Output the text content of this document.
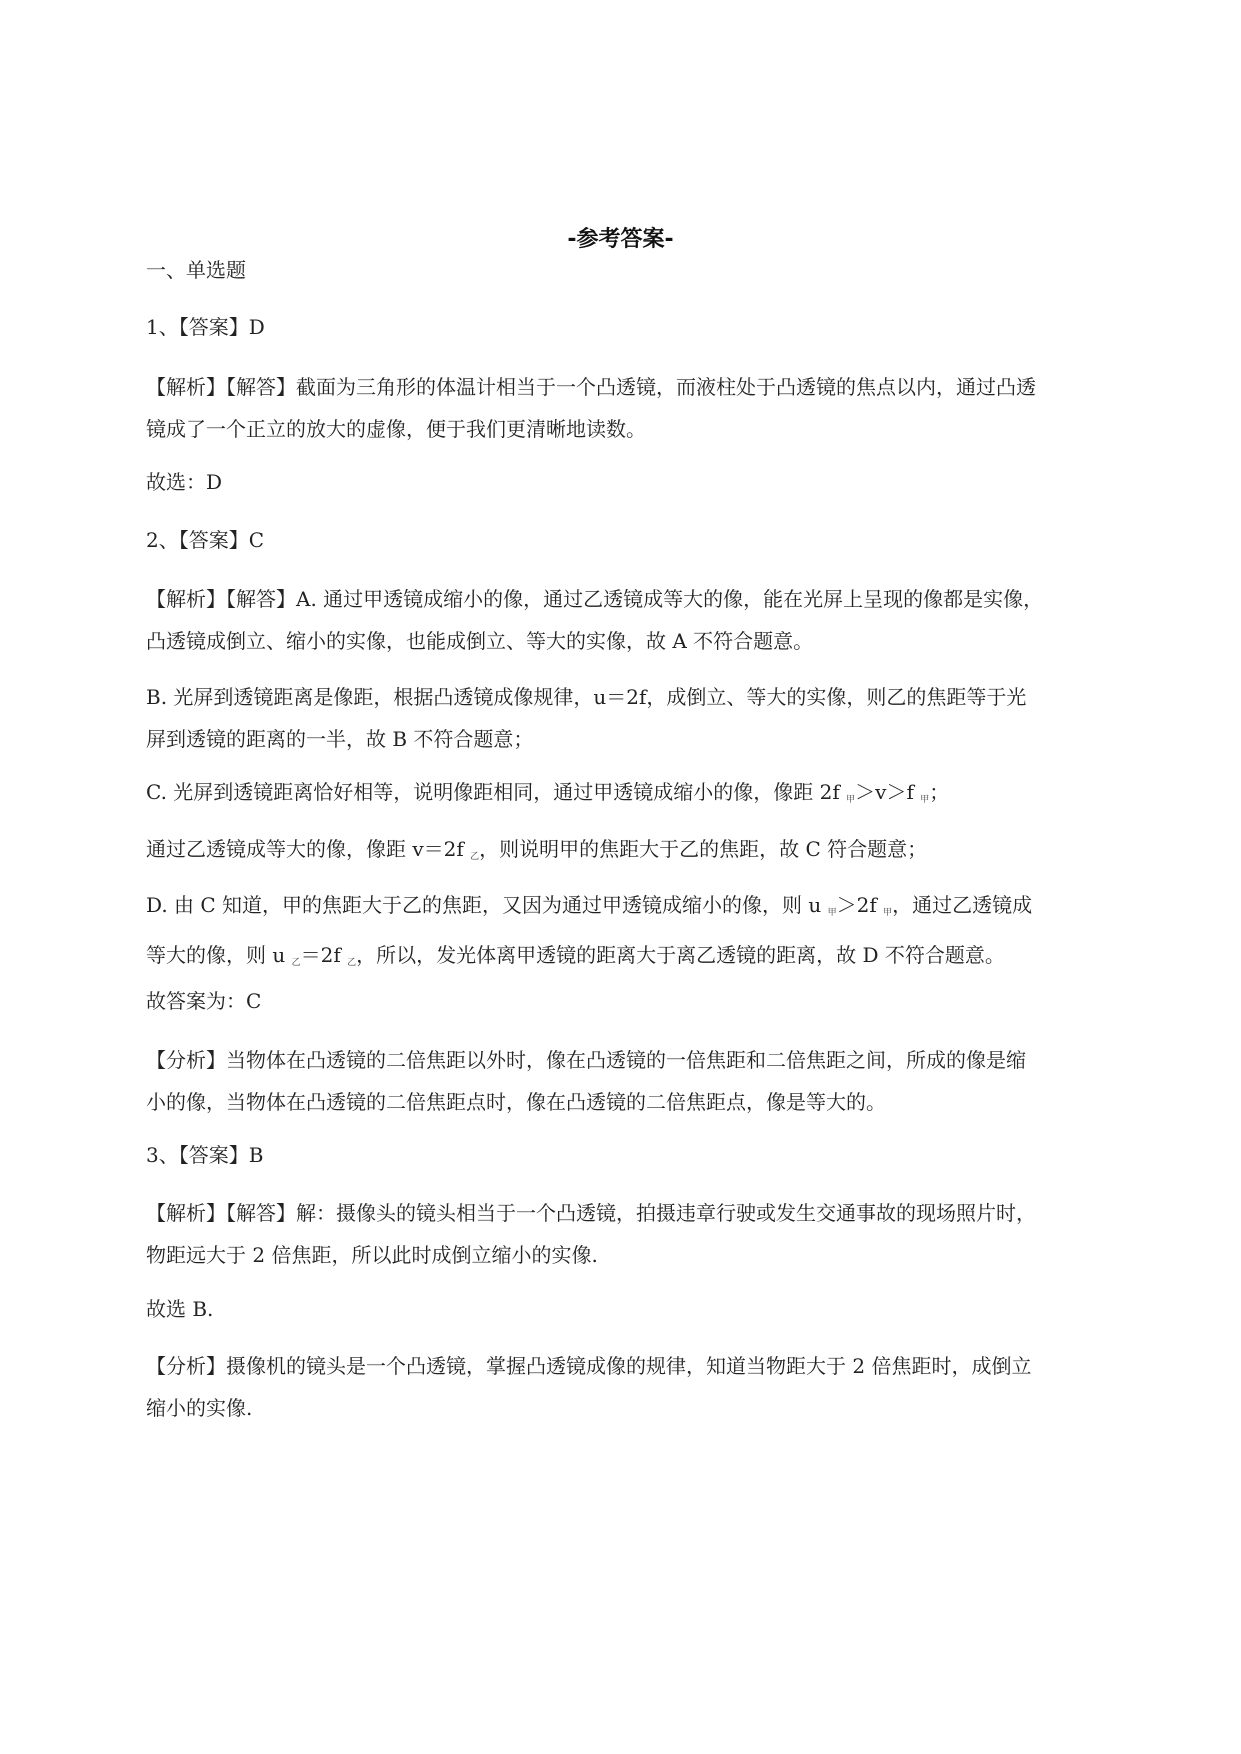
-参考答案-
一、单选题
1、【答案】D
【解析】【解答】截面为三角形的体温计相当于一个凸透镜，而液柱处于凸透镜的焦点以内，通过凸透
镜成了一个正立的放大的虚像，便于我们更清晰地读数。
故选：D
2、【答案】C
【解析】【解答】A. 通过甲透镜成缩小的像，通过乙透镜成等大的像，能在光屏上呈现的像都是实像，
凸透镜成倒立、缩小的实像，也能成倒立、等大的实像，故 A 不符合题意。
B. 光屏到透镜距离是像距，根据凸透镜成像规律，u＝2f，成倒立、等大的实像，则乙的焦距等于光
屏到透镜的距离的一半，故 B 不符合题意；
C. 光屏到透镜距离恰好相等，说明像距相同，通过甲透镜成缩小的像，像距 2f $_甲$＞v＞f $_甲$；
通过乙透镜成等大的像，像距 v＝2f $_乙$，则说明甲的焦距大于乙的焦距，故 C 符合题意；
D. 由 C 知道，甲的焦距大于乙的焦距，又因为通过甲透镜成缩小的像，则 u $_甲$＞2f $_甲$，通过乙透镜成
等大的像，则 u $_乙$＝2f $_乙$，所以，发光体离甲透镜的距离大于离乙透镜的距离，故 D 不符合题意。
故答案为：C
【分析】当物体在凸透镜的二倍焦距以外时，像在凸透镜的一倍焦距和二倍焦距之间，所成的像是缩
小的像，当物体在凸透镜的二倍焦距点时，像在凸透镜的二倍焦距点，像是等大的。
3、【答案】B
【解析】【解答】解：摄像头的镜头相当于一个凸透镜，拍摄违章行驶或发生交通事故的现场照片时，
物距远大于 2 倍焦距，所以此时成倒立缩小的实像.
故选 B.
【分析】摄像机的镜头是一个凸透镜，掌握凸透镜成像的规律，知道当物距大于 2 倍焦距时，成倒立
缩小的实像.
